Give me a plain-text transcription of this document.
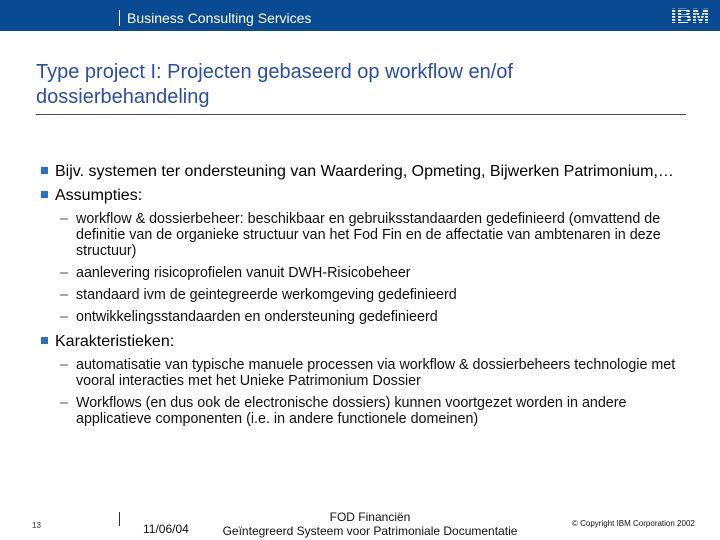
Business Consulting Services	IBM
Type project I: Projecten gebaseerd op workflow en/of dossierbehandeling
Bijv. systemen ter ondersteuning van Waardering, Opmeting, Bijwerken Patrimonium,…
Assumpties:
– workflow & dossierbeheer: beschikbaar en gebruiksstandaarden gedefinieerd (omvattend de definitie van de organieke structuur van het Fod Fin en de affectatie van ambtenaren in deze structuur)
– aanlevering risicoprofielen vanuit DWH-Risicobeheer
– standaard ivm de geintegreerde werkomgeving gedefinieerd
– ontwikkelingsstandaarden en ondersteuning gedefinieerd
Karakteristieken:
– automatisatie van typische manuele processen via workflow & dossierbeheers technologie met vooral interacties met het Unieke Patrimonium Dossier
– Workflows (en dus ook de electronische dossiers) kunnen voortgezet worden in andere applicatieve componenten (i.e. in andere functionele domeinen)
13	11/06/04
FOD Financiën
Geïntegreerd Systeem voor Patrimoniale Documentatie
© Copyright IBM Corporation 2002
